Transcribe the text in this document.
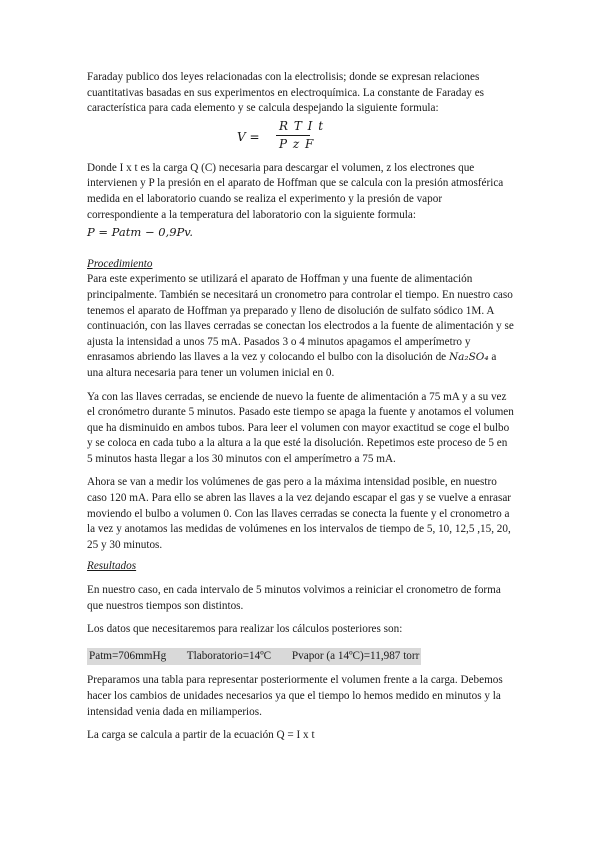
Faraday publico dos leyes relacionadas con la electrolisis; donde se expresan relaciones cuantitativas basadas en sus experimentos en electroquímica. La constante de Faraday es característica para cada elemento y se calcula despejando la siguiente formula:

V =
R T I t
P z F

Donde I x t es la carga Q (C) necesaria para descargar el volumen, z los electrones que intervienen y P la presión en el aparato de Hoffman que se calcula con la presión atmosférica medida en el laboratorio cuando se realiza el experimento y la presión de vapor correspondiente a la temperatura del laboratorio con la siguiente formula:

P = Patm − 0,9Pv.

Procedimiento

Para este experimento se utilizará el aparato de Hoffman y una fuente de alimentación principalmente. También se necesitará un cronometro para controlar el tiempo. En nuestro caso tenemos el aparato de Hoffman ya preparado y lleno de disolución de sulfato sódico 1M. A continuación, con las llaves cerradas se conectan los electrodos a la fuente de alimentación y se ajusta la intensidad a unos 75 mA. Pasados 3 o 4 minutos apagamos el amperímetro y enrasamos abriendo las llaves a la vez y colocando el bulbo con la disolución de Na₂SO₄ a una altura necesaria para tener un volumen inicial en 0.

Ya con las llaves cerradas, se enciende de nuevo la fuente de alimentación a 75 mA y a su vez el cronómetro durante 5 minutos. Pasado este tiempo se apaga la fuente y anotamos el volumen que ha disminuido en ambos tubos. Para leer el volumen con mayor exactitud se coge el bulbo y se coloca en cada tubo a la altura a la que esté la disolución. Repetimos este proceso de 5 en 5 minutos hasta llegar a los 30 minutos con el amperímetro a 75 mA.

Ahora se van a medir los volúmenes de gas pero a la máxima intensidad posible, en nuestro caso 120 mA. Para ello se abren las llaves a la vez dejando escapar el gas y se vuelve a enrasar moviendo el bulbo a volumen 0. Con las llaves cerradas se conecta la fuente y el cronometro a la vez y anotamos las medidas de volúmenes en los intervalos de tiempo de 5, 10, 12,5 ,15, 20, 25 y 30 minutos.

Resultados

En nuestro caso, en cada intervalo de 5 minutos volvimos a reiniciar el cronometro de forma que nuestros tiempos son distintos.

Los datos que necesitaremos para realizar los cálculos posteriores son:

Patm=706mmHg Tlaboratorio=14ºC Pvapor (a 14ºC)=11,987 torr

Preparamos una tabla para representar posteriormente el volumen frente a la carga. Debemos hacer los cambios de unidades necesarios ya que el tiempo lo hemos medido en minutos y la intensidad venia dada en miliamperios.

La carga se calcula a partir de la ecuación Q = I x t
